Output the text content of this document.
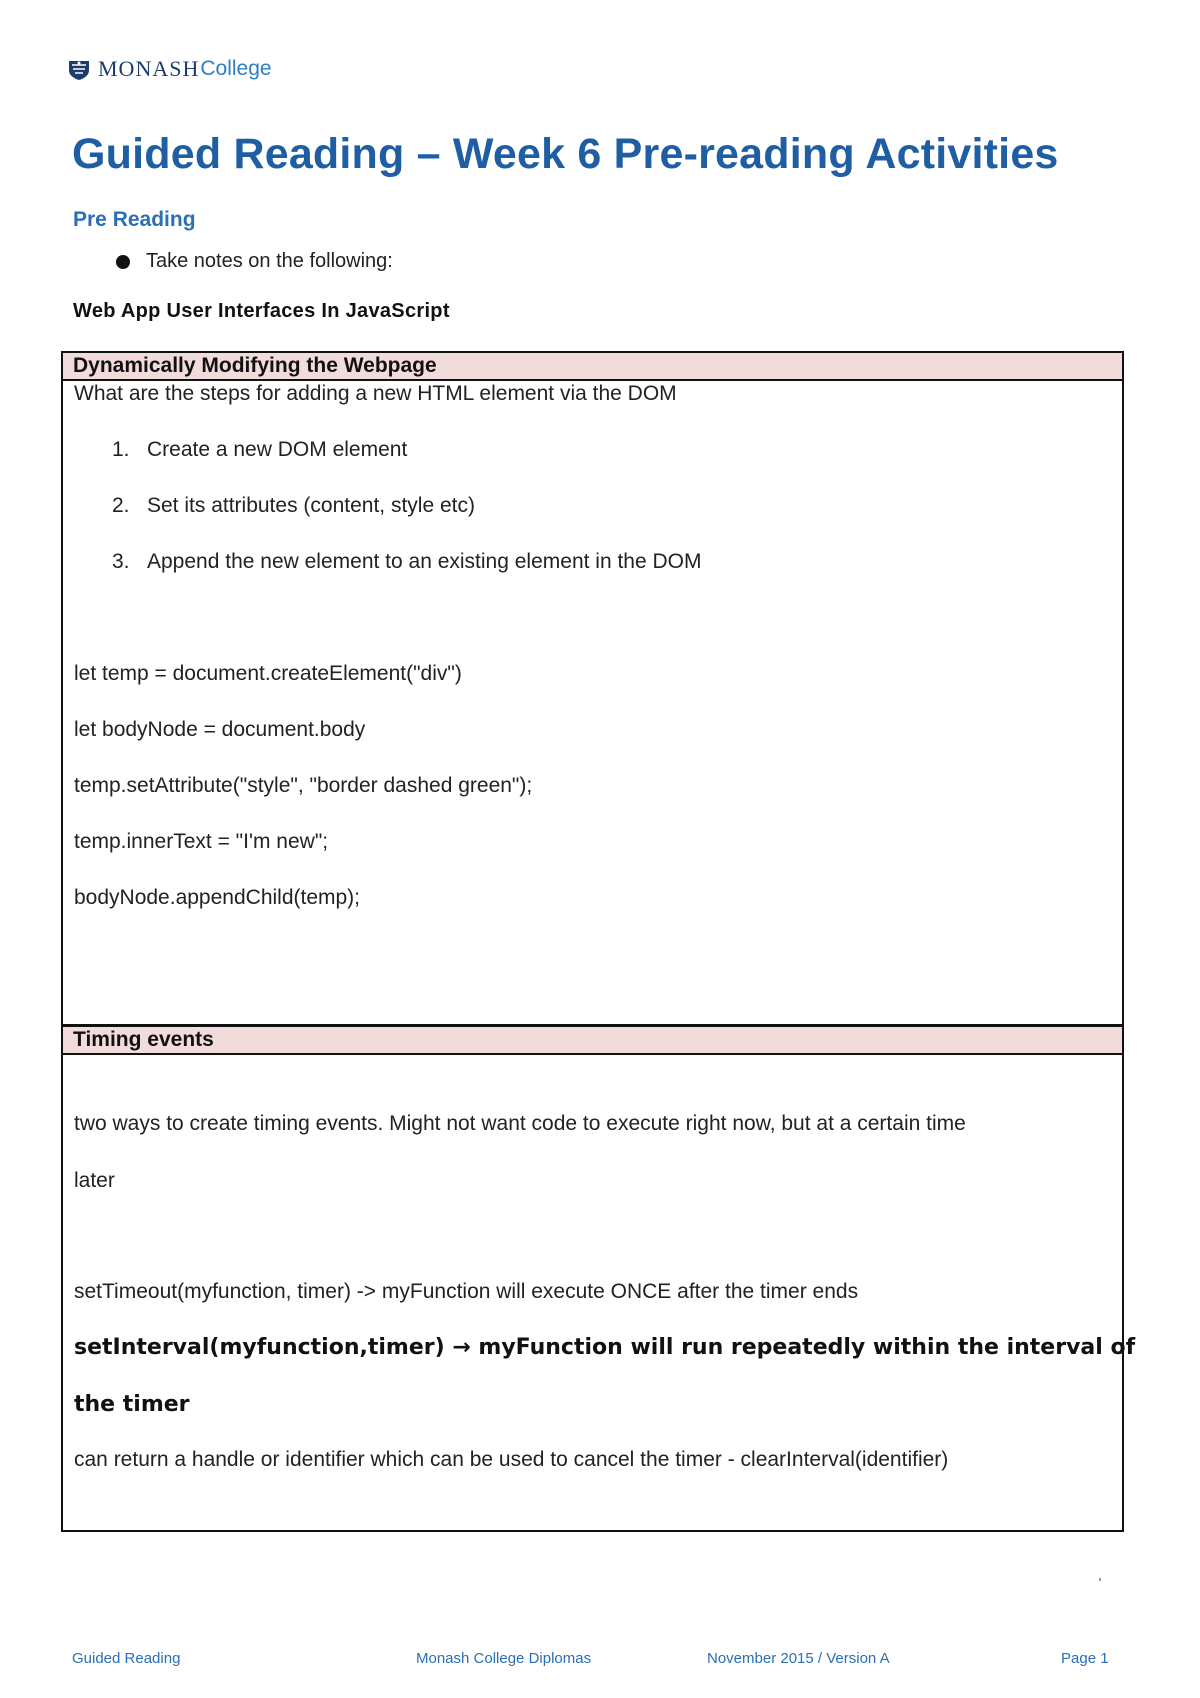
MONASH College
Guided Reading – Week 6 Pre-reading Activities
Pre Reading
Take notes on the following:
Web App User Interfaces In JavaScript
Dynamically Modifying the Webpage
What are the steps for adding a new HTML element via the DOM
1. Create a new DOM element
2. Set its attributes (content, style etc)
3. Append the new element to an existing element in the DOM
let temp = document.createElement("div")
let bodyNode = document.body
temp.setAttribute("style", "border dashed green");
temp.innerText = "I'm new";
bodyNode.appendChild(temp);
Timing events
two ways to create timing events. Might not want code to execute right now, but at a certain time
later
setTimeout(myfunction, timer) -> myFunction will execute ONCE after the timer ends
setInterval(myfunction,timer) → myFunction will run repeatedly within the interval of
the timer
can return a handle or identifier which can be used to cancel the timer - clearInterval(identifier)
Guided Reading	Monash College Diplomas	November 2015 / Version A	Page 1
